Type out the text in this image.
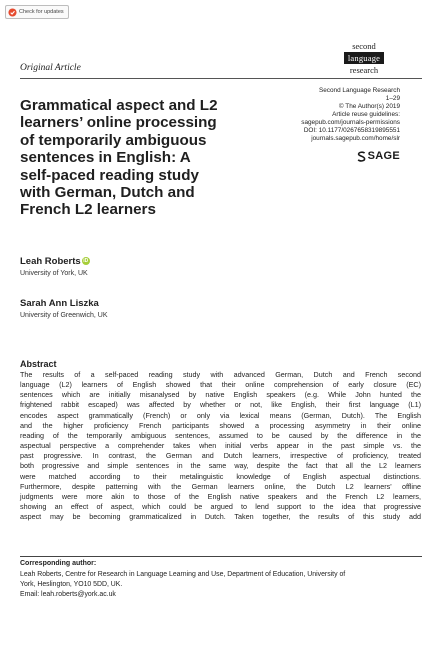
Check for updates
second
language
research
Original Article
Second Language Research
1–29
© The Author(s) 2019
Article reuse guidelines:
sagepub.com/journals-permissions
DOI: 10.1177/0267658319895551
journals.sagepub.com/home/slr
SAGE
Grammatical aspect and L2
learners’ online processing
of temporarily ambiguous
sentences in English: A
self-paced reading study
with German, Dutch and
French L2 learners
Leah Roberts iD
University of York, UK
Sarah Ann Liszka
University of Greenwich, UK
Abstract
The results of a self-paced reading study with advanced German, Dutch and French second
language (L2) learners of English showed that their online comprehension of early closure (EC)
sentences which are initially misanalysed by native English speakers (e.g. While John hunted the
frightened rabbit escaped) was affected by whether or not, like English, their first language (L1)
encodes aspect grammatically (French) or only via lexical means (German, Dutch). The English
and the higher proficiency French participants showed a processing asymmetry in their online
reading of the temporarily ambiguous sentences, assumed to be caused by the difference in the
aspectual perspective a comprehender takes when initial verbs appear in the past simple vs. the
past progressive. In contrast, the German and Dutch learners, irrespective of proficiency, treated
both progressive and simple sentences in the same way, despite the fact that all the L2 learners
were matched according to their metalinguistic knowledge of English aspectual distinctions.
Furthermore, despite patterning with the German learners online, the Dutch L2 learners’ offline
judgments were more akin to those of the English native speakers and the French L2 learners,
showing an effect of aspect, which could be argued to lend support to the idea that progressive
aspect may be becoming grammaticalized in Dutch. Taken together, the results of this study add
Corresponding author:
Leah Roberts, Centre for Research in Language Learning and Use, Department of Education, University of
York, Heslington, YO10 5DD, UK.
Email: leah.roberts@york.ac.uk
